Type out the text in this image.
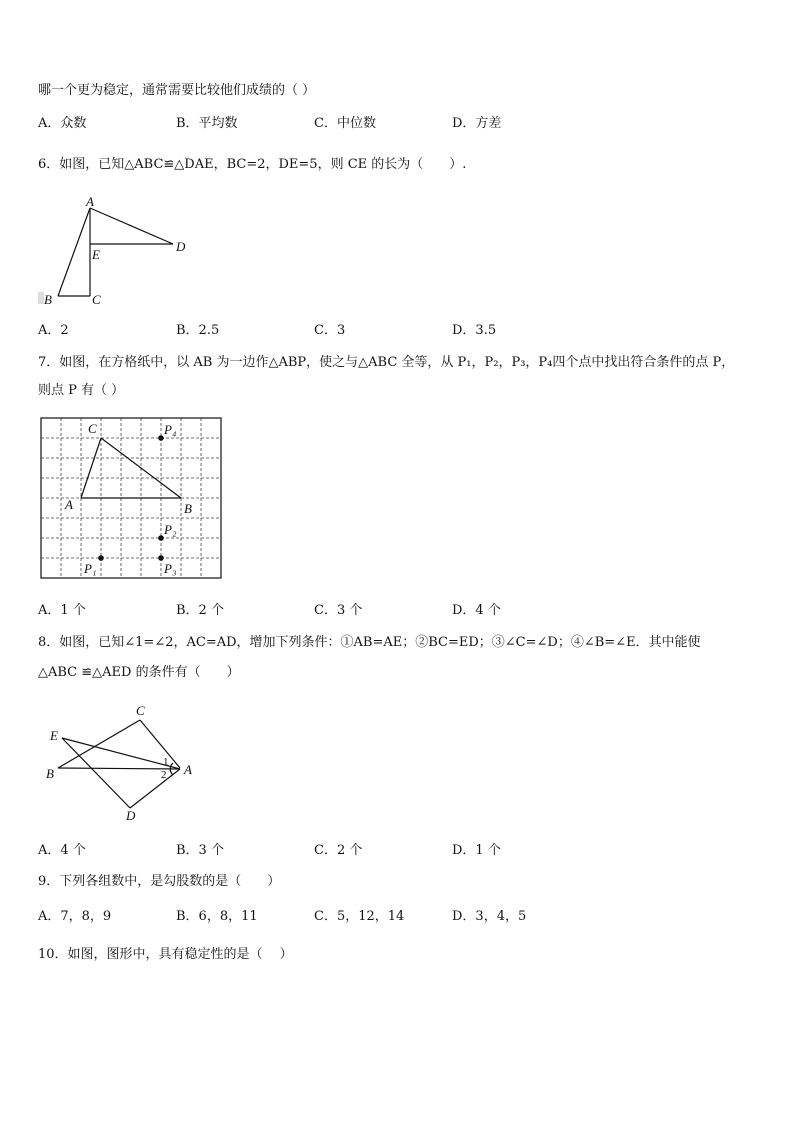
哪一个更为稳定，通常需要比较他们成绩的（ ）
A．众数	B．平均数	C．中位数	D．方差
6．如图，已知△ABC≌△DAE，BC=2，DE=5，则 CE 的长为（　　）.
A
D
E
B	C
A．2	B．2.5	C．3	D．3.5
7．如图，在方格纸中，以 AB 为一边作△ABP，使之与△ABC 全等，从 P₁，P₂，P₃，P₄四个点中找出符合条件的点 P，
则点 P 有（ ）
C
A	B
P₄
P₂
P₃
P₁
A．1 个	B．2 个	C．3 个	D．4 个
8．如图，已知∠1=∠2，AC=AD，增加下列条件：①AB=AE；②BC=ED；③∠C=∠D；④∠B=∠E．其中能使
△ABC ≌△AED 的条件有（　　）
C
E
B	A
D
1
2
A．4 个	B．3 个	C．2 个	D．1 个
9．下列各组数中，是勾股数的是（　　）
A．7，8，9	B．6，8，11	C．5，12，14	D．3，4，5
10．如图，图形中，具有稳定性的是（　 ）
